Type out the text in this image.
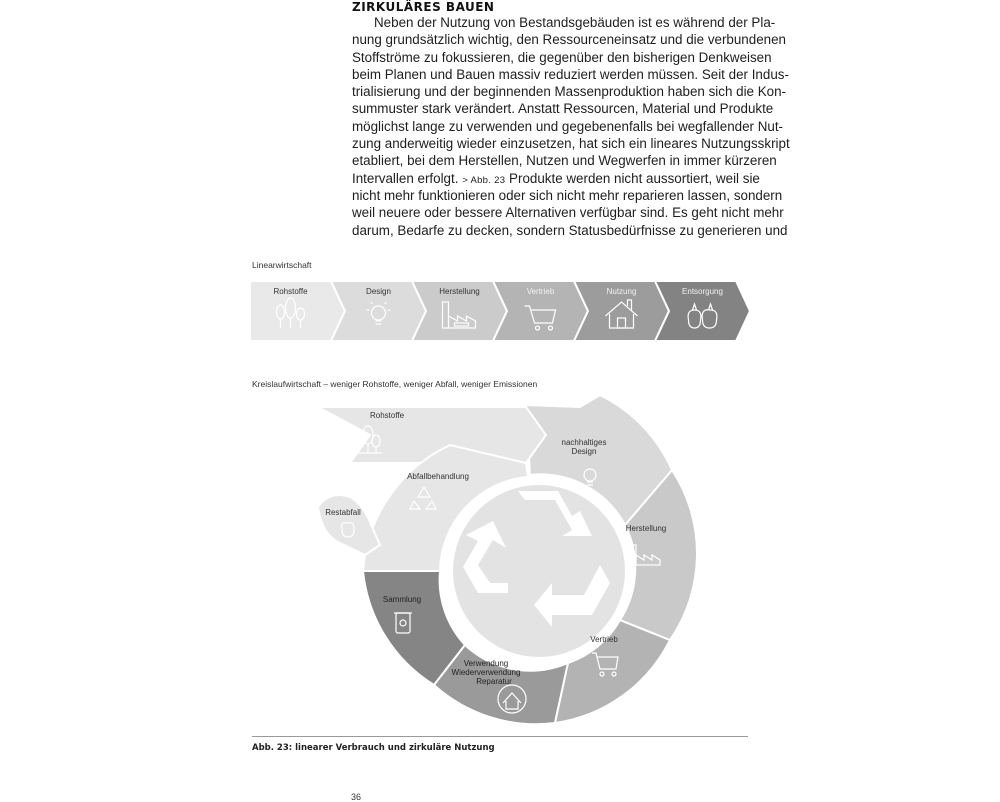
ZIRKULÄRES BAUEN
Neben der Nutzung von Bestandsgebäuden ist es während der Pla-
nung grundsätzlich wichtig, den Ressourceneinsatz und die verbundenen
Stoffströme zu fokussieren, die gegenüber den bisherigen Denkweisen
beim Planen und Bauen massiv reduziert werden müssen. Seit der Indus-
trialisierung und der beginnenden Massenproduktion haben sich die Kon-
summuster stark verändert. Anstatt Ressourcen, Material und Produkte
möglichst lange zu verwenden und gegebenenfalls bei wegfallender Nut-
zung anderweitig wieder einzusetzen, hat sich ein lineares Nutzungsskript
etabliert, bei dem Herstellen, Nutzen und Wegwerfen in immer kürzeren
Intervallen erfolgt. > Abb. 23 Produkte werden nicht aussortiert, weil sie
nicht mehr funktionieren oder sich nicht mehr reparieren lassen, sondern
weil neuere oder bessere Alternativen verfügbar sind. Es geht nicht mehr
darum, Bedarfe zu decken, sondern Statusbedürfnisse zu generieren und
Linearwirtschaft
Rohstoffe	Design	Herstellung	Vertrieb	Nutzung	Entsorgung
Kreislaufwirtschaft – weniger Rohstoffe, weniger Abfall, weniger Emissionen
Rohstoffe
nachhaltiges
Design
Herstellung
Vertrieb
Verwendung
Wiederverwendung
Reparatur
Sammlung
Abfallbehandlung
Restabfall
Abb. 23: linearer Verbrauch und zirkuläre Nutzung
36
